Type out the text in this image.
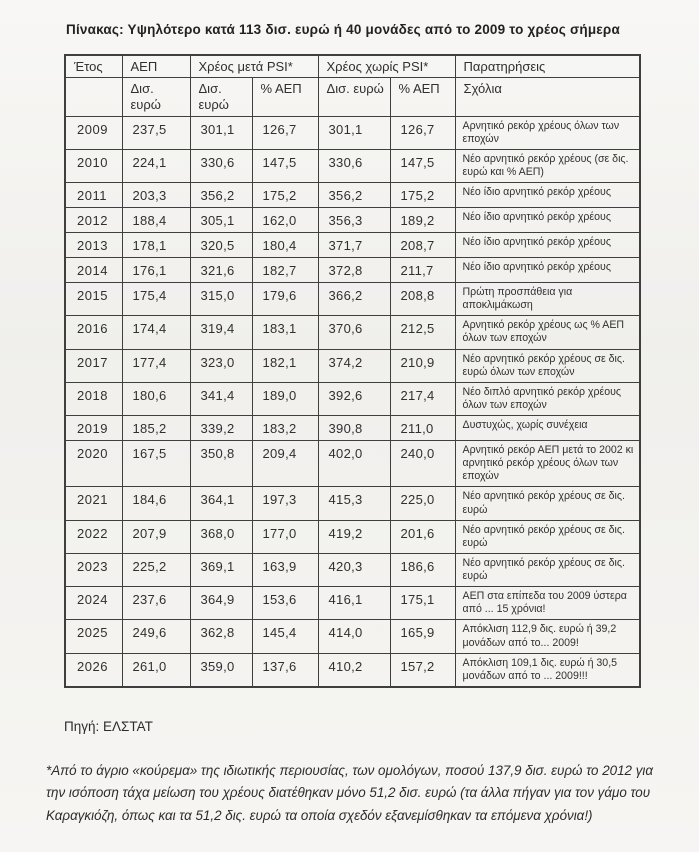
Πίνακας: Υψηλότερο κατά 113 δισ. ευρώ ή 40 μονάδες από το 2009 το χρέος σήμερα
Έτος	ΑΕΠ	Χρέος μετά PSI*		Χρέος χωρίς PSI*		Παρατηρήσεις
	Δισ. ευρώ	Δισ. ευρώ	% ΑΕΠ	Δισ. ευρώ	% ΑΕΠ	Σχόλια
2009	237,5	301,1	126,7	301,1	126,7	Αρνητικό ρεκόρ χρέους όλων των εποχών
2010	224,1	330,6	147,5	330,6	147,5	Νέο αρνητικό ρεκόρ χρέους (σε δις. ευρώ και % ΑΕΠ)
2011	203,3	356,2	175,2	356,2	175,2	Νέο ίδιο αρνητικό ρεκόρ χρέους
2012	188,4	305,1	162,0	356,3	189,2	Νέο ίδιο αρνητικό ρεκόρ χρέους
2013	178,1	320,5	180,4	371,7	208,7	Νέο ίδιο αρνητικό ρεκόρ χρέους
2014	176,1	321,6	182,7	372,8	211,7	Νέο ίδιο αρνητικό ρεκόρ χρέους
2015	175,4	315,0	179,6	366,2	208,8	Πρώτη προσπάθεια για αποκλιμάκωση
2016	174,4	319,4	183,1	370,6	212,5	Αρνητικό ρεκόρ χρέους ως % ΑΕΠ όλων των εποχών
2017	177,4	323,0	182,1	374,2	210,9	Νέο αρνητικό ρεκόρ χρέους σε δις. ευρώ όλων των εποχών
2018	180,6	341,4	189,0	392,6	217,4	Νέο διπλό αρνητικό ρεκόρ χρέους όλων των εποχών
2019	185,2	339,2	183,2	390,8	211,0	Δυστυχώς, χωρίς συνέχεια
2020	167,5	350,8	209,4	402,0	240,0	Αρνητικό ρεκόρ ΑΕΠ μετά το 2002 κι αρνητικό ρεκόρ χρέους όλων των εποχών
2021	184,6	364,1	197,3	415,3	225,0	Νέο αρνητικό ρεκόρ χρέους σε δις. ευρώ
2022	207,9	368,0	177,0	419,2	201,6	Νέο αρνητικό ρεκόρ χρέους σε δις. ευρώ
2023	225,2	369,1	163,9	420,3	186,6	Νέο αρνητικό ρεκόρ χρέους σε δις. ευρώ
2024	237,6	364,9	153,6	416,1	175,1	ΑΕΠ στα επίπεδα του 2009 ύστερα από ... 15 χρόνια!
2025	249,6	362,8	145,4	414,0	165,9	Απόκλιση 112,9 δις. ευρώ ή 39,2 μονάδων από το... 2009!
2026	261,0	359,0	137,6	410,2	157,2	Απόκλιση 109,1 δις. ευρώ ή 30,5 μονάδων από το ... 2009!!!
Πηγή: ΕΛΣΤΑΤ
*Από το άγριο «κούρεμα» της ιδιωτικής περιουσίας, των ομολόγων, ποσού 137,9 δισ. ευρώ το 2012 για την ισόποση τάχα μείωση του χρέους διατέθηκαν μόνο 51,2 δισ. ευρώ (τα άλλα πήγαν για τον γάμο του Καραγκιόζη, όπως και τα 51,2 δις. ευρώ τα οποία σχεδόν εξανεμίσθηκαν τα επόμενα χρόνια!)
